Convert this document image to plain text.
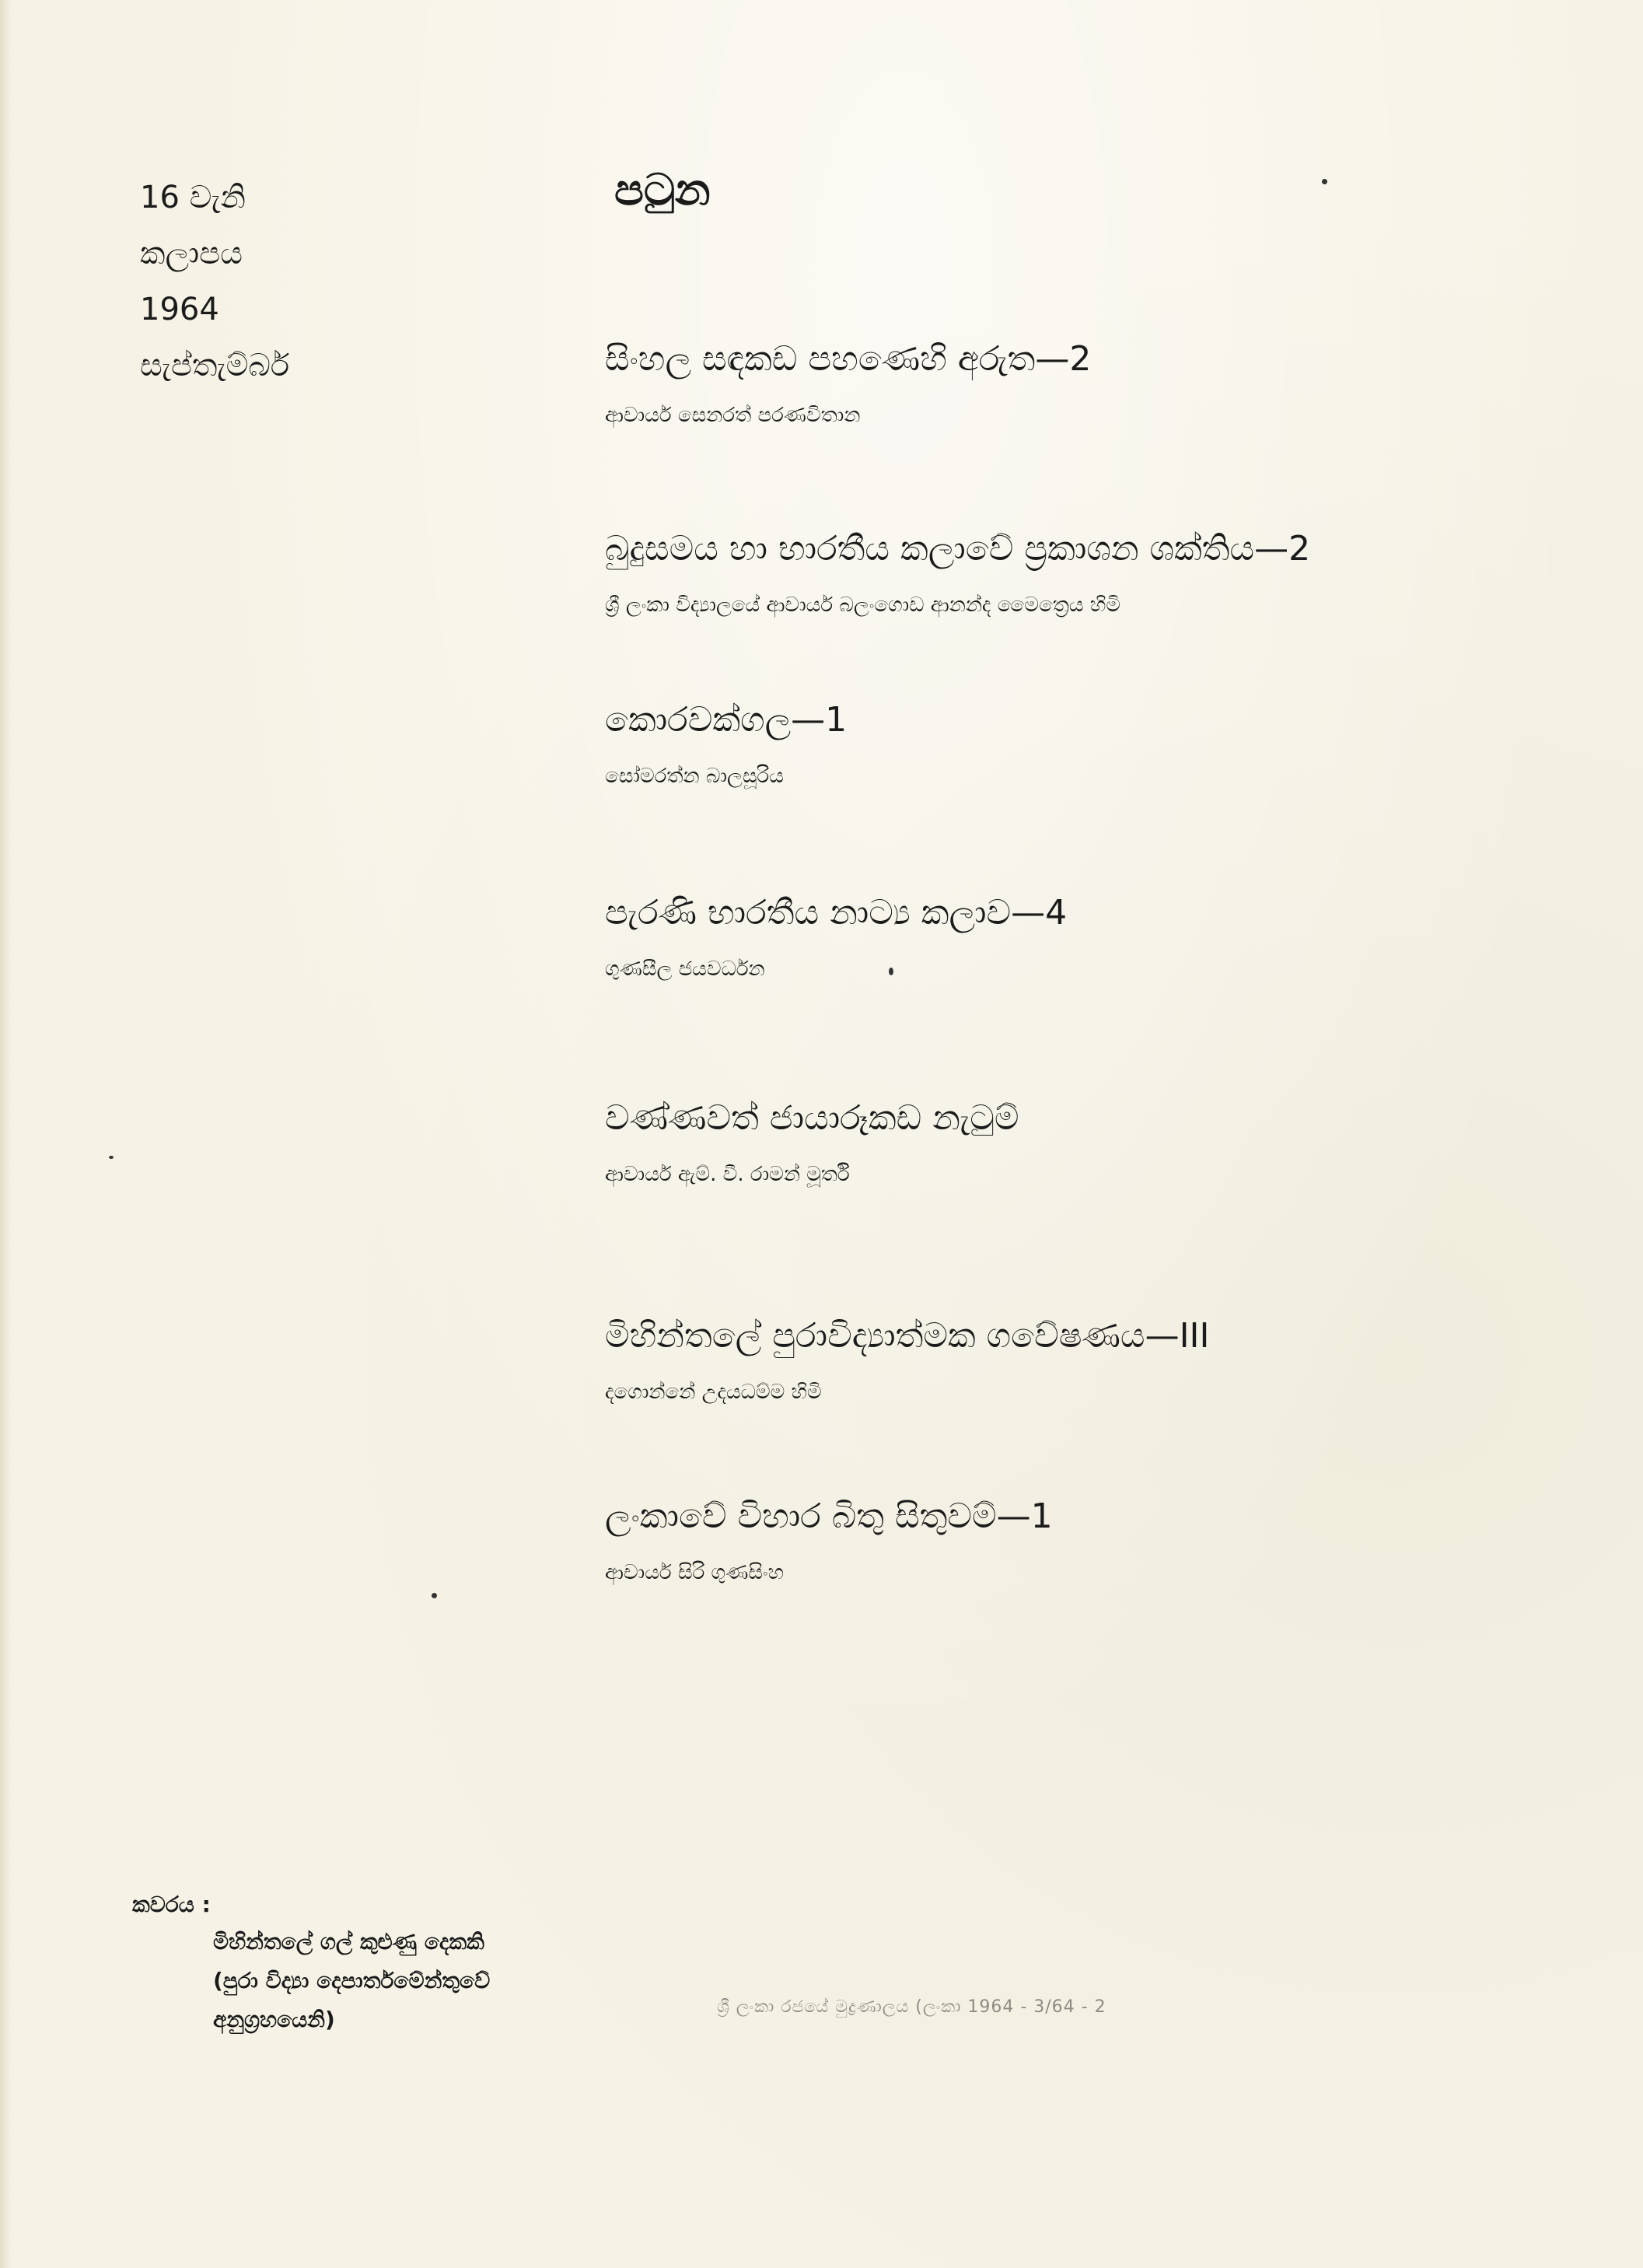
16 වැනි
කලාපය
1964
සැප්තැම්බර්
පටුන
සිංහල සඳකඩ පහණෙහි අරුත—2
ආචාර්ය සෙනරත් පරණවිතාන
බුදුසමය හා භාරතීය කලාවේ ප්‍රකාශන ශක්තිය—2
ශ්‍රී ලංකා විද්‍යාලයේ ආචාර්ය බලංගොඩ ආනන්ද මෛත්‍රෙය හිමි
කොරවක්ගල—1
සෝමරත්න බාලසූරිය
පැරණි භාරතීය නාට්‍ය කලාව—4
ගුණසීල ජයවර්ධන
වණ්ණවත් ජායාරූකඩ නැටුම්
ආචාර්ය ඇම්. වී. රාමන් මූර්ති
මිහින්තලේ පුරාවිද්‍යාත්මක ගවේෂණය—III
දගොන්නේ උදයධම්ම හිමි
ලංකාවේ විහාර බිතු සිතුවම්—1
ආචාර්ය සිරි ගුණසිංහ
කවරය :
මිහින්තලේ ගල් කුළුණු දෙකකි
(පුරා විද්‍යා දෙපාර්තමේන්තුවේ
අනුග්‍රහයෙනි)	ශ්‍රී ලංකා රජයේ මුද්‍රණාලය (ලංකා 1964 - 3/64 - 2
